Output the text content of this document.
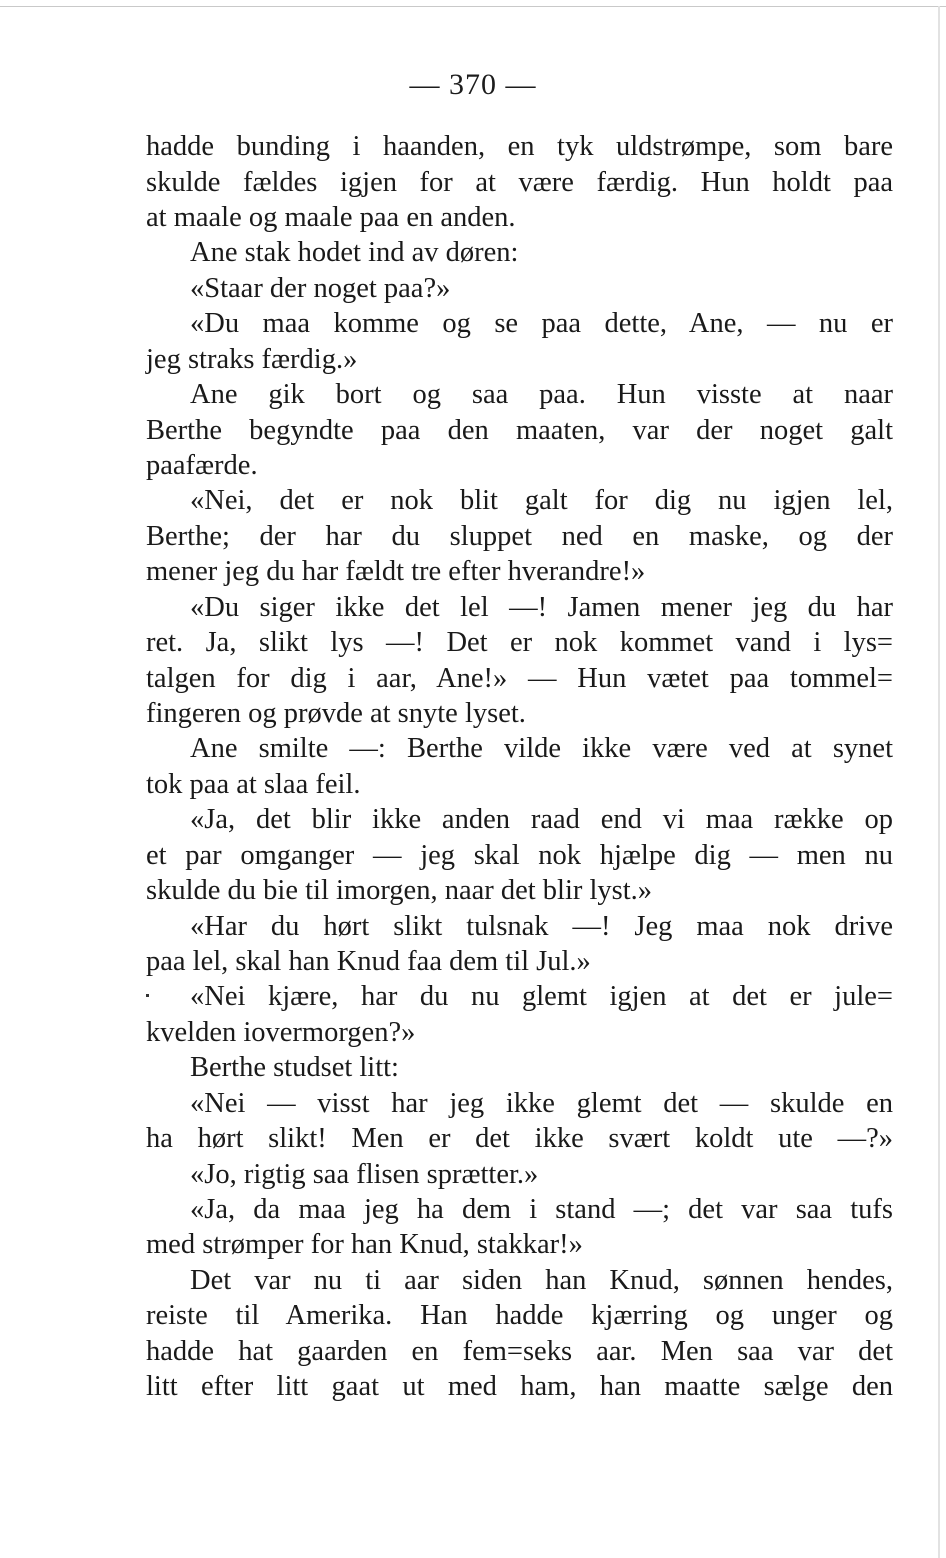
— 370 —
hadde bunding i haanden, en tyk uldstrømpe, som bare
skulde fældes igjen for at være færdig. Hun holdt paa
at maale og maale paa en anden.
Ane stak hodet ind av døren:
«Staar der noget paa?»
«Du maa komme og se paa dette, Ane, — nu er
jeg straks færdig.»
Ane gik bort og saa paa. Hun visste at naar
Berthe begyndte paa den maaten, var der noget galt
paafærde.
«Nei, det er nok blit galt for dig nu igjen lel,
Berthe; der har du sluppet ned en maske, og der
mener jeg du har fældt tre efter hverandre!»
«Du siger ikke det lel —! Jamen mener jeg du har
ret. Ja, slikt lys —! Det er nok kommet vand i lys=
talgen for dig i aar, Ane!» — Hun vætet paa tommel=
fingeren og prøvde at snyte lyset.
Ane smilte —: Berthe vilde ikke være ved at synet
tok paa at slaa feil.
«Ja, det blir ikke anden raad end vi maa række op
et par omganger — jeg skal nok hjælpe dig — men nu
skulde du bie til imorgen, naar det blir lyst.»
«Har du hørt slikt tulsnak —! Jeg maa nok drive
paa lel, skal han Knud faa dem til Jul.»
«Nei kjære, har du nu glemt igjen at det er jule=
kvelden iovermorgen?»
Berthe studset litt:
«Nei — visst har jeg ikke glemt det — skulde en
ha hørt slikt! Men er det ikke svært koldt ute —?»
«Jo, rigtig saa flisen sprætter.»
«Ja, da maa jeg ha dem i stand —; det var saa tufs
med strømper for han Knud, stakkar!»
Det var nu ti aar siden han Knud, sønnen hendes,
reiste til Amerika. Han hadde kjærring og unger og
hadde hat gaarden en fem=seks aar. Men saa var det
litt efter litt gaat ut med ham, han maatte sælge den
